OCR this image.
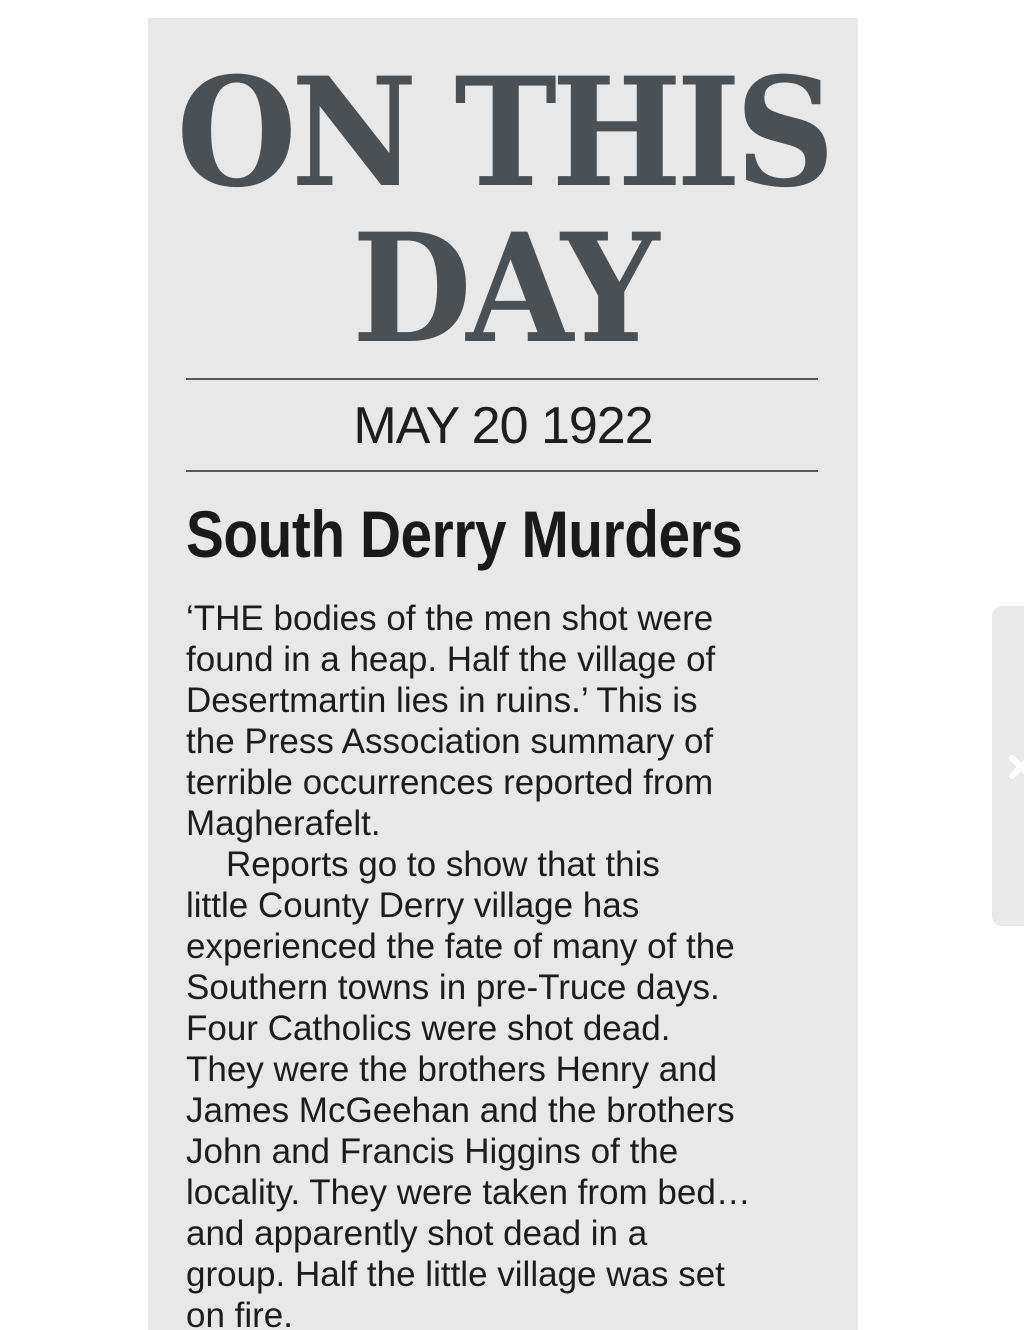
ON THIS
DAY
MAY 20 1922
South Derry Murders
‘THE bodies of the men shot were
found in a heap. Half the village of
Desertmartin lies in ruins.’ This is
the Press Association summary of
terrible occurrences reported from
Magherafelt.
Reports go to show that this
little County Derry village has
experienced the fate of many of the
Southern towns in pre-Truce days.
Four Catholics were shot dead.
They were the brothers Henry and
James McGeehan and the brothers
John and Francis Higgins of the
locality. They were taken from bed…
and apparently shot dead in a
group. Half the little village was set
on fire.
